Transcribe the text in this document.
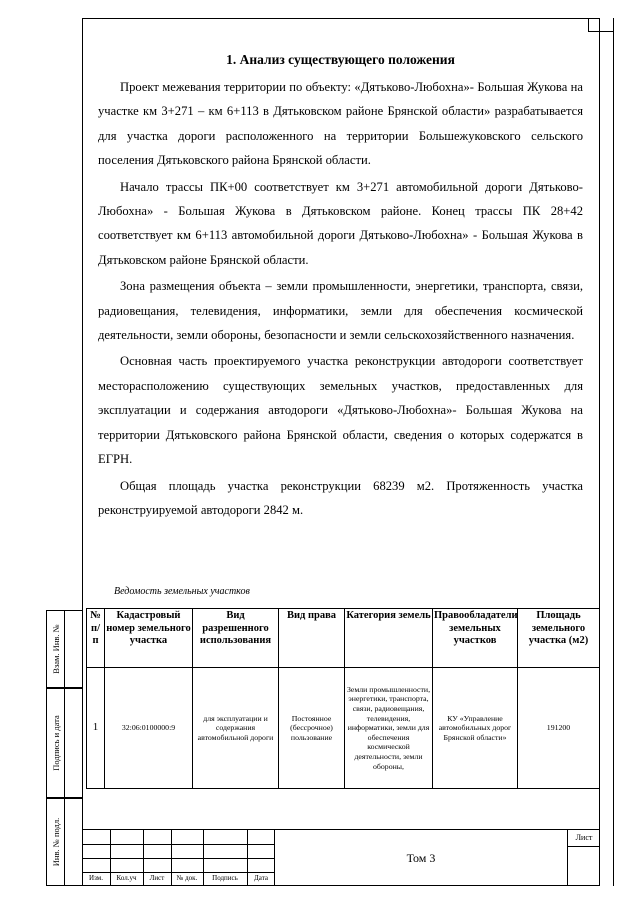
Взам. Инв. №
Подпись и дата
Инв. № подл.
1. Анализ существующего положения

Проект межевания территории по объекту: «Дятьково-Любохна»- Большая Жукова на участке км 3+271 – км 6+113 в Дятьковском районе Брянской области» разрабатывается для участка дороги расположенного на территории Большежуковского сельского поселения Дятьковского района Брянской области.

Начало трассы ПК+00 соответствует км 3+271 автомобильной дороги Дятьково-Любохна» - Большая Жукова в Дятьковском районе. Конец трассы ПК 28+42 соответствует км 6+113 автомобильной дороги Дятьково-Любохна» - Большая Жукова в Дятьковском районе Брянской области.

Зона размещения объекта – земли промышленности, энергетики, транспорта, связи, радиовещания, телевидения, информатики, земли для обеспечения космической деятельности, земли обороны, безопасности и земли сельскохозяйственного назначения.

Основная часть проектируемого участка реконструкции автодороги соответствует месторасположению существующих земельных участков, предоставленных для эксплуатации и содержания автодороги «Дятьково-Любохна»- Большая Жукова на территории Дятьковского района Брянской области, сведения о которых содержатся в ЕГРН.

Общая площадь участка реконструкции 68239 м2. Протяженность участка реконструируемой автодороги 2842 м.

Ведомость земельных участков
№ п/п	Кадастровый номер земельного участка	Вид разрешенного использования	Вид права	Категория земель	Правообладатели земельных участков	Площадь земельного участка (м2)
1	32:06:0100000:9	для эксплуатации и содержания автомобильной дороги	Постоянное (бессрочное) пользование	Земли промышленности, энергетики, транспорта, связи, радиовещания, телевидения, информатики, земли для обеспечения космической деятельности, земли обороны,	КУ «Управление автомобильных дорог Брянской области»	191200
Изм.	Кол.уч	Лист	№ док.	Подпись	Дата
Том 3
Лист
